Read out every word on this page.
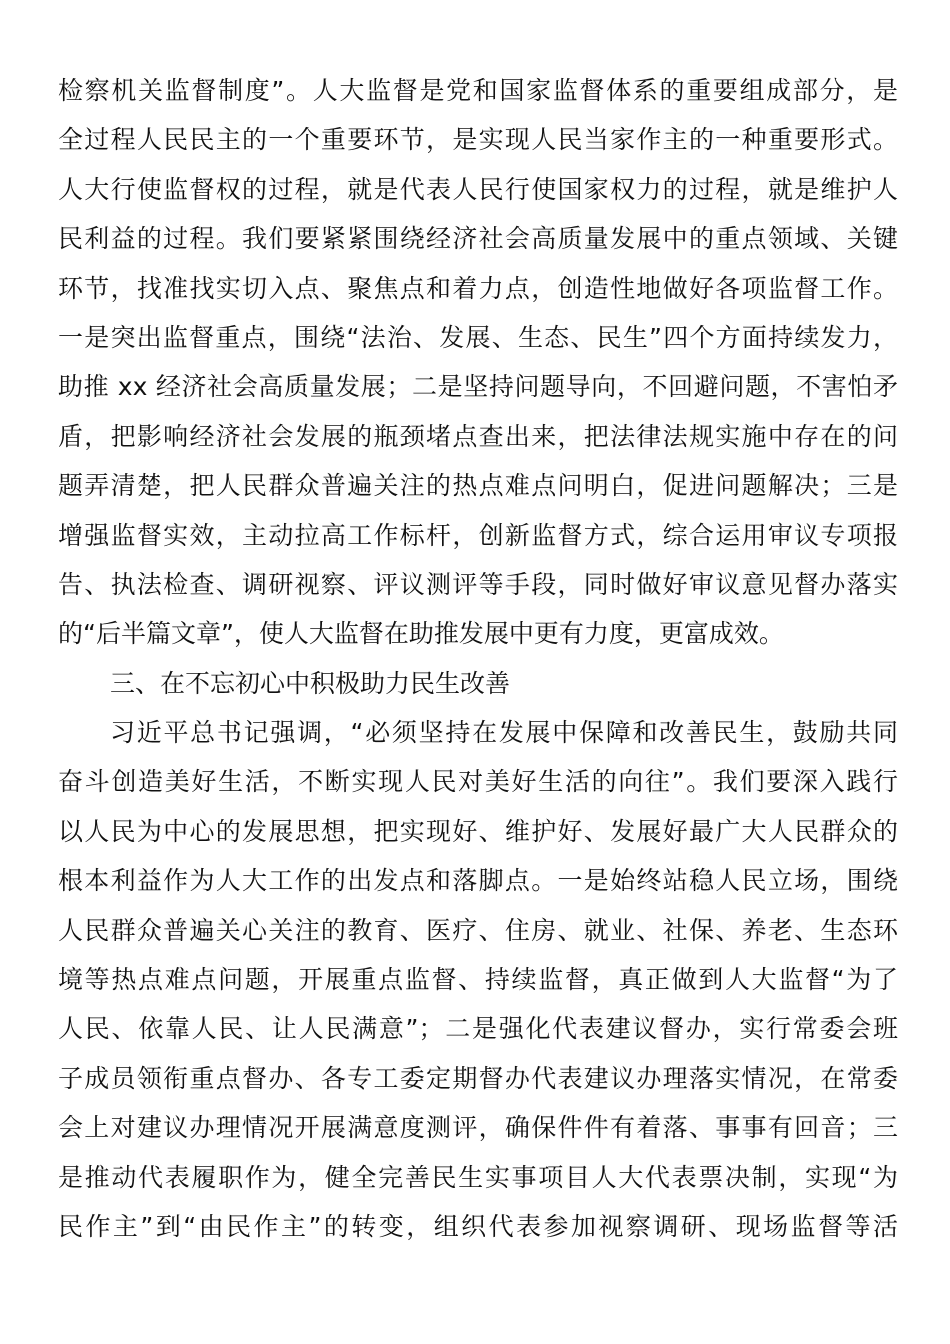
检察机关监督制度”。人大监督是党和国家监督体系的重要组成部分，是
全过程人民民主的一个重要环节，是实现人民当家作主的一种重要形式。
人大行使监督权的过程，就是代表人民行使国家权力的过程，就是维护人
民利益的过程。我们要紧紧围绕经济社会高质量发展中的重点领域、关键
环节，找准找实切入点、聚焦点和着力点，创造性地做好各项监督工作。
一是突出监督重点，围绕“法治、发展、生态、民生”四个方面持续发力，
助推 xx 经济社会高质量发展；二是坚持问题导向，不回避问题，不害怕矛
盾，把影响经济社会发展的瓶颈堵点查出来，把法律法规实施中存在的问
题弄清楚，把人民群众普遍关注的热点难点问明白，促进问题解决；三是
增强监督实效，主动拉高工作标杆，创新监督方式，综合运用审议专项报
告、执法检查、调研视察、评议测评等手段，同时做好审议意见督办落实
的“后半篇文章”，使人大监督在助推发展中更有力度，更富成效。
三、在不忘初心中积极助力民生改善
习近平总书记强调，“必须坚持在发展中保障和改善民生，鼓励共同
奋斗创造美好生活，不断实现人民对美好生活的向往”。我们要深入践行
以人民为中心的发展思想，把实现好、维护好、发展好最广大人民群众的
根本利益作为人大工作的出发点和落脚点。一是始终站稳人民立场，围绕
人民群众普遍关心关注的教育、医疗、住房、就业、社保、养老、生态环
境等热点难点问题，开展重点监督、持续监督，真正做到人大监督“为了
人民、依靠人民、让人民满意”；二是强化代表建议督办，实行常委会班
子成员领衔重点督办、各专工委定期督办代表建议办理落实情况，在常委
会上对建议办理情况开展满意度测评，确保件件有着落、事事有回音；三
是推动代表履职作为，健全完善民生实事项目人大代表票决制，实现“为
民作主”到“由民作主”的转变，组织代表参加视察调研、现场监督等活
